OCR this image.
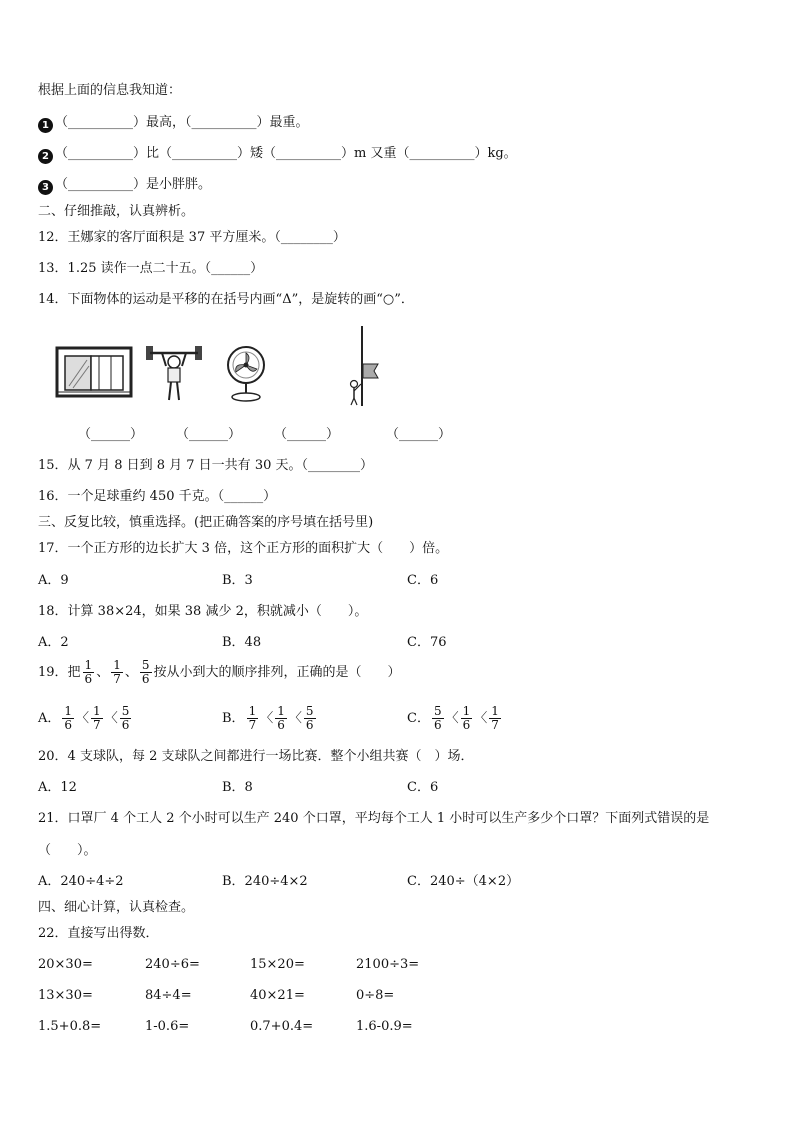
根据上面的信息我知道：
1 （__________）最高，（__________）最重。
2 （__________）比（__________）矮（__________）m 又重（__________）kg。
3 （__________）是小胖胖。
二、仔细推敲，认真辨析。
12．王娜家的客厅面积是 37 平方厘米。（________）
13．1.25 读作一点二十五。（______）
14．下面物体的运动是平移的在括号内画“Δ”，是旋转的画“○”．
（______）	（______）	（______）	（______）
15．从 7 月 8 日到 8 月 7 日一共有 30 天。（________）
16．一个足球重约 450 千克。（______）
三、反复比较，慎重选择。(把正确答案的序号填在括号里)
17．一个正方形的边长扩大 3 倍，这个正方形的面积扩大（　　）倍。
A．9	B．3	C．6
18．计算 38×24，如果 38 减少 2，积就减小（　　）。
A．2	B．48	C．76
19．把 $\frac{1}{6}$ 、 $\frac{1}{7}$ 、 $\frac{5}{6}$ 按从小到大的顺序排列，正确的是（　　）
A． $\frac{1}{6}$ 〈 $\frac{1}{7}$ 〈 $\frac{5}{6}$	B． $\frac{1}{7}$ 〈 $\frac{1}{6}$ 〈 $\frac{5}{6}$	C． $\frac{5}{6}$ 〈 $\frac{1}{6}$ 〈 $\frac{1}{7}$
20．4 支球队，每 2 支球队之间都进行一场比赛．整个小组共赛（　）场．
A．12	B．8	C．6
21．口罩厂 4 个工人 2 个小时可以生产 240 个口罩，平均每个工人 1 小时可以生产多少个口罩？下面列式错误的是
（　　）。
A．240÷4÷2	B．240÷4×2	C．240÷（4×2）
四、细心计算，认真检查。
22．直接写出得数．
20×30=	240÷6=	15×20=	2100÷3=
13×30=	84÷4=	40×21=	0÷8=
1.5+0.8=	1-0.6=	0.7+0.4=	1.6-0.9=
